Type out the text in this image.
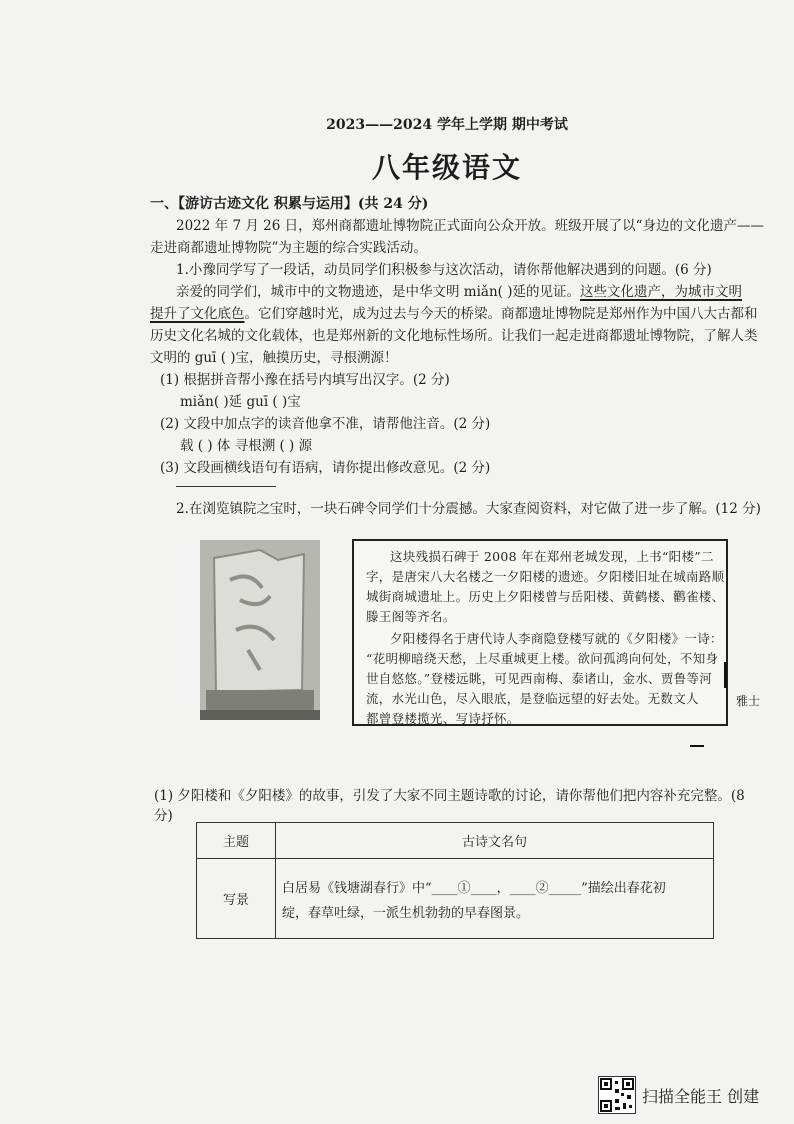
2023——2024 学年上学期 期中考试
八年级语文
一、【游访古迹文化 积累与运用】(共 24 分)
2022 年 7 月 26 日，郑州商都遗址博物院正式面向公众开放。班级开展了以“身边的文化遗产——
走进商都遗址博物院”为主题的综合实践活动。
1.小豫同学写了一段话，动员同学们积极参与这次活动，请你帮他解决遇到的问题。(6 分)
亲爱的同学们，城市中的文物遗迹，是中华文明 miǎn( )延的见证。这些文化遗产，为城市文明
提升了文化底色。它们穿越时光，成为过去与今天的桥梁。商都遗址博物院是郑州作为中国八大古都和
历史文化名城的文化载体，也是郑州新的文化地标性场所。让我们一起走进商都遗址博物院，了解人类
文明的 guī ( )宝，触摸历史，寻根溯源！
(1) 根据拼音帮小豫在括号内填写出汉字。(2 分)
miǎn( )延 guī ( )宝
(2) 文段中加点字的读音他拿不准，请帮他注音。(2 分)
载 ( ) 体 寻根溯 ( ) 源
(3) 文段画横线语句有语病，请你提出修改意见。(2 分)
2.在浏览镇院之宝时，一块石碑令同学们十分震撼。大家查阅资料，对它做了进一步了解。(12 分)
这块残损石碑于 2008 年在郑州老城发现，上书“阳楼”二
字，是唐宋八大名楼之一夕阳楼的遗迹。夕阳楼旧址在城南路顺
城街商城遗址上。历史上夕阳楼曾与岳阳楼、黄鹤楼、鹳雀楼、
滕王阁等齐名。
夕阳楼得名于唐代诗人李商隐登楼写就的《夕阳楼》一诗：
“花明柳暗绕天愁，上尽重城更上楼。欲问孤鸿向何处，不知身
世自悠悠。”登楼远眺，可见西南梅、泰诸山，金水、贾鲁等河
流，水光山色，尽入眼底，是登临远望的好去处。无数文人
都曾登楼揽光、写诗抒怀。
雅士
(1) 夕阳楼和《夕阳楼》的故事，引发了大家不同主题诗歌的讨论，请你帮他们把内容补充完整。(8
分)
主题	古诗文名句
写景	白居易《钱塘湖春行》中“____①____，____②_____”描绘出春花初
绽，春草吐绿，一派生机勃勃的早春图景。
扫描全能王 创建
